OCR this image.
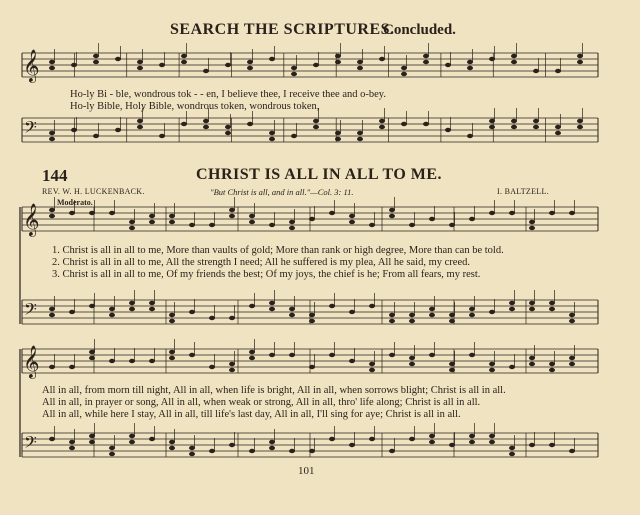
𝄞
𝄢
𝄞
𝄢
𝄞
𝄢
SEARCH THE SCRIPTURES.
Concluded.
Ho-ly Bi - ble, wondrous tok - - en, I believe thee, I receive thee and o-bey.
Ho-ly Bible, Holy Bible, wondrous token, wondrous token,
144	CHRIST IS ALL IN ALL TO ME.
REV. W. H. LUCKENBACK.	"But Christ is all, and in all."—Col. 3: 11.	I. BALTZELL.
Moderato.
1. Christ is all in all to me, More than vaults of gold; More than rank or high degree, More than can be told.
2. Christ is all in all to me, All the strength I need; All he suffered is my plea, All he said, my creed.
3. Christ is all in all to me, Of my friends the best; Of my joys, the chief is he; From all fears, my rest.
All in all, from morn till night, All in all, when life is bright, All in all, when sorrows blight; Christ is all in all.
All in all, in prayer or song, All in all, when weak or strong, All in all, thro' life along; Christ is all in all.
All in all, while here I stay, All in all, till life's last day, All in all, I'll sing for aye; Christ is all in all.
101
